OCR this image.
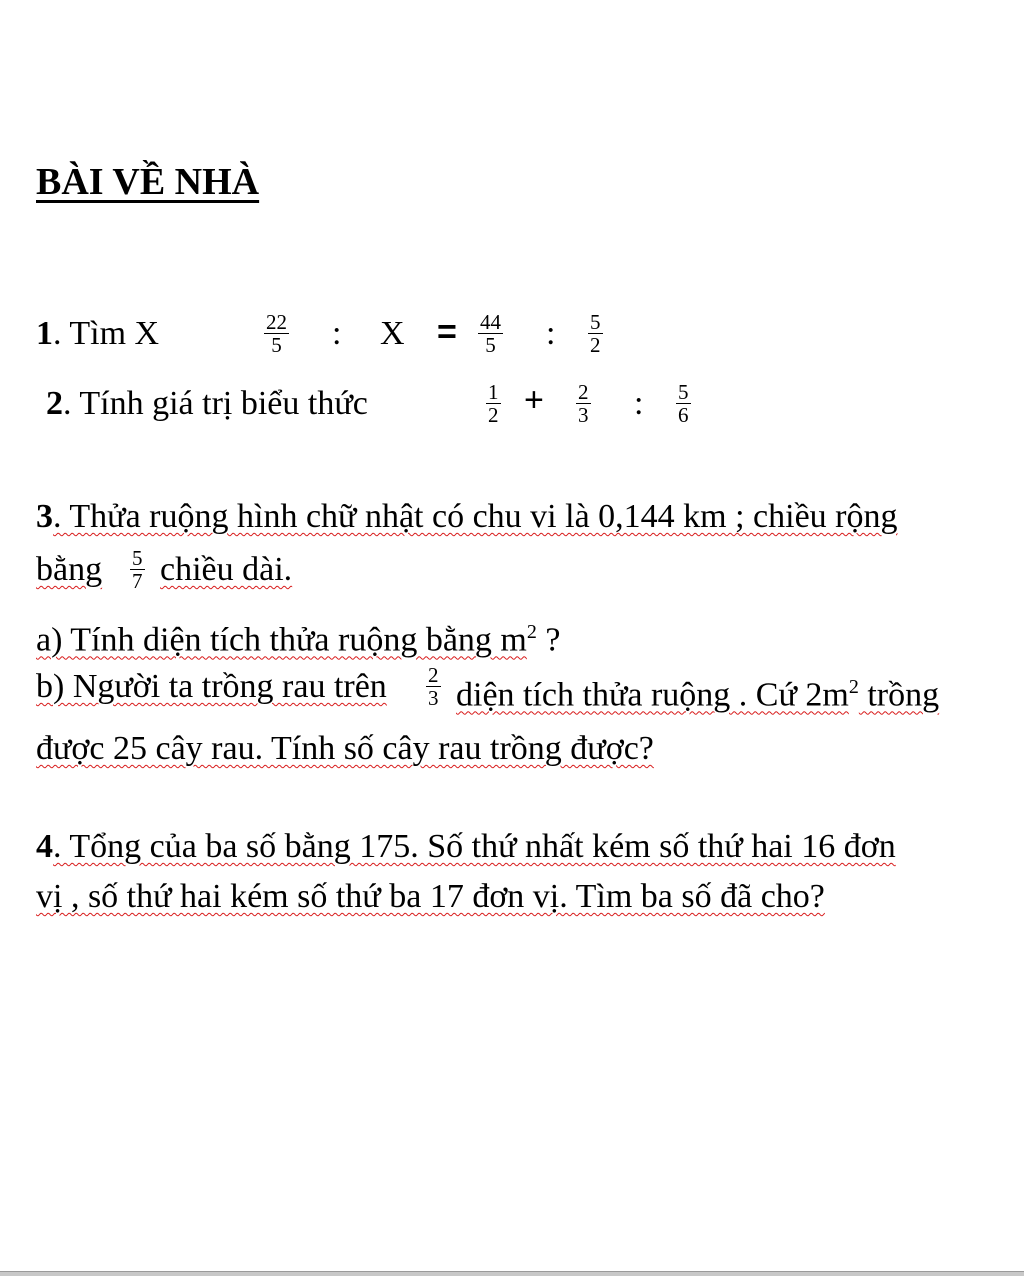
BÀI VỀ NHÀ
1. Tìm X	22
5 : X = 44
5 : 5
2
2. Tính giá trị biểu thức	1
2 + 2
3 : 5
6
3. Thửa ruộng hình chữ nhật có chu vi là 0,144 km ; chiều rộng
bằng 5
7 chiều dài.
a) Tính diện tích thửa ruộng bằng $m^2$ ?
b) Người ta trồng rau trên 2
3 diện tích thửa ruộng . Cứ $2m^2$ trồng
được 25 cây rau. Tính số cây rau trồng được?
4. Tổng của ba số bằng 175. Số thứ nhất kém số thứ hai 16 đơn
vị , số thứ hai kém số thứ ba 17 đơn vị. Tìm ba số đã cho?
